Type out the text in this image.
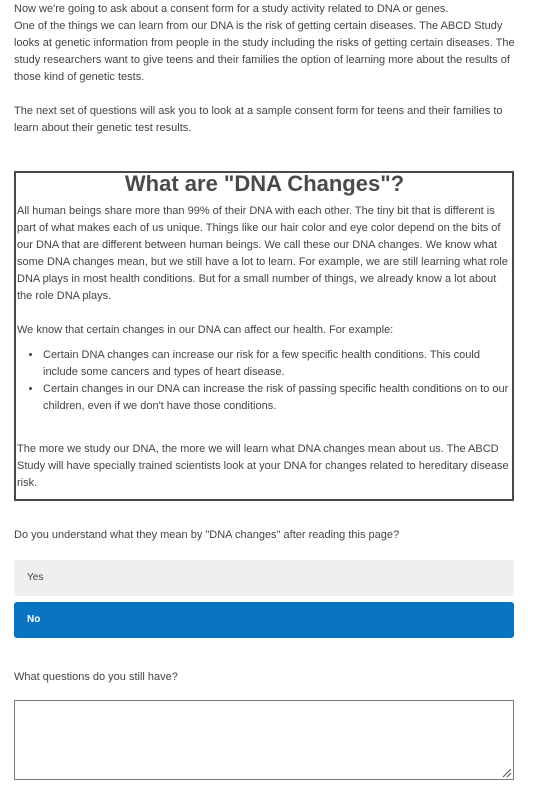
Now we're going to ask about a consent form for a study activity related to DNA or genes.

One of the things we can learn from our DNA is the risk of getting certain diseases. The ABCD Study looks at genetic information from people in the study including the risks of getting certain diseases. The study researchers want to give teens and their families the option of learning more about the results of those kind of genetic tests.

The next set of questions will ask you to look at a sample consent form for teens and their families to learn about their genetic test results.

What are "DNA Changes"?

All human beings share more than 99% of their DNA with each other. The tiny bit that is different is part of what makes each of us unique. Things like our hair color and eye color depend on the bits of our DNA that are different between human beings. We call these our DNA changes. We know what some DNA changes mean, but we still have a lot to learn. For example, we are still learning what role DNA plays in most health conditions. But for a small number of things, we already know a lot about the role DNA plays.

We know that certain changes in our DNA can affect our health. For example:

• Certain DNA changes can increase our risk for a few specific health conditions. This could include some cancers and types of heart disease.
• Certain changes in our DNA can increase the risk of passing specific health conditions on to our children, even if we don't have those conditions.

The more we study our DNA, the more we will learn what DNA changes mean about us. The ABCD Study will have specially trained scientists look at your DNA for changes related to hereditary disease risk.

Do you understand what they mean by "DNA changes" after reading this page?

Yes
No

What questions do you still have?
